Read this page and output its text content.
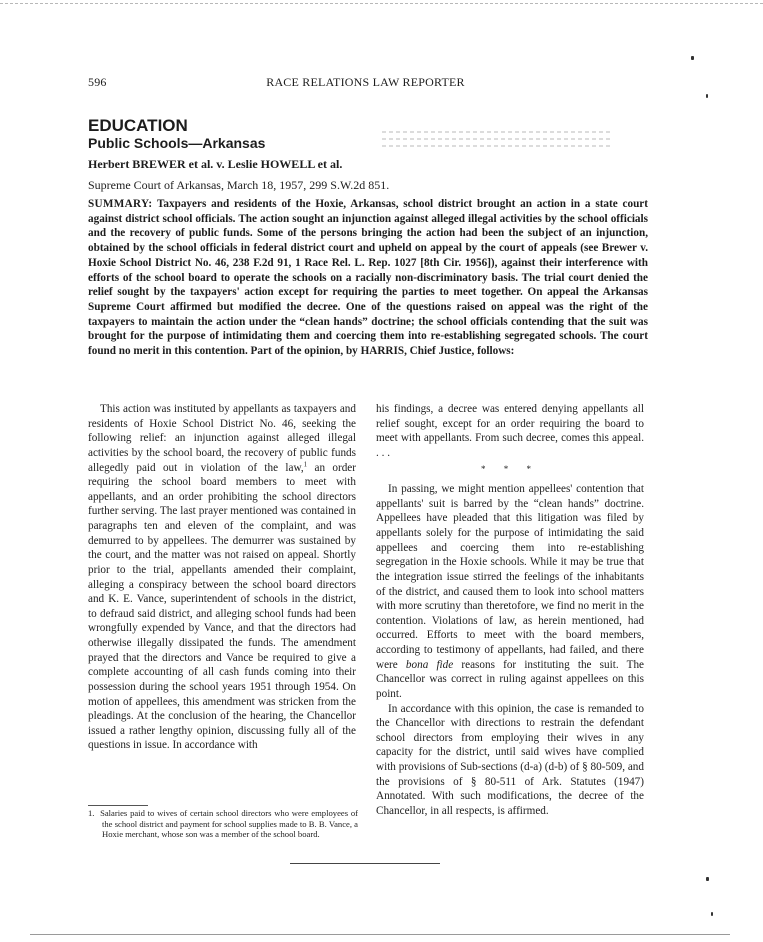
596	RACE RELATIONS LAW REPORTER
EDUCATION
Public Schools—Arkansas
Herbert BREWER et al. v. Leslie HOWELL et al.
Supreme Court of Arkansas, March 18, 1957, 299 S.W.2d 851.
SUMMARY: Taxpayers and residents of the Hoxie, Arkansas, school district brought an action in a state court against district school officials. The action sought an injunction against alleged illegal activities by the school officials and the recovery of public funds. Some of the persons bringing the action had been the subject of an injunction, obtained by the school officials in federal district court and upheld on appeal by the court of appeals (see Brewer v. Hoxie School District No. 46, 238 F.2d 91, 1 Race Rel. L. Rep. 1027 [8th Cir. 1956]), against their interference with efforts of the school board to operate the schools on a racially non-discriminatory basis. The trial court denied the relief sought by the taxpayers' action except for requiring the parties to meet together. On appeal the Arkansas Supreme Court affirmed but modified the decree. One of the questions raised on appeal was the right of the taxpayers to maintain the action under the “clean hands” doctrine; the school officials contending that the suit was brought for the purpose of intimidating them and coercing them into re-establishing segregated schools. The court found no merit in this contention. Part of the opinion, by HARRIS, Chief Justice, follows:

This action was instituted by appellants as taxpayers and residents of Hoxie School District No. 46, seeking the following relief: an injunction against alleged illegal activities by the school board, the recovery of public funds allegedly paid out in violation of the law,$^1$ an order requiring the school board members to meet with appellants, and an order prohibiting the school directors further serving. The last prayer mentioned was contained in paragraphs ten and eleven of the complaint, and was demurred to by appellees. The demurrer was sustained by the court, and the matter was not raised on appeal. Shortly prior to the trial, appellants amended their complaint, alleging a conspiracy between the school board directors and K. E. Vance, superintendent of schools in the district, to defraud said district, and alleging school funds had been wrongfully expended by Vance, and that the directors had otherwise illegally dissipated the funds. The amendment prayed that the directors and Vance be required to give a complete accounting of all cash funds coming into their possession during the school years 1951 through 1954. On motion of appellees, this amendment was stricken from the pleadings. At the conclusion of the hearing, the Chancellor issued a rather lengthy opinion, discussing fully all of the questions in issue. In accordance with

1. Salaries paid to wives of certain school directors who were employees of the school district and payment for school supplies made to B. B. Vance, a Hoxie merchant, whose son was a member of the school board.

his findings, a decree was entered denying appellants all relief sought, except for an order requiring the board to meet with appellants. From such decree, comes this appeal. . . .

* * *

In passing, we might mention appellees' contention that appellants' suit is barred by the “clean hands” doctrine. Appellees have pleaded that this litigation was filed by appellants solely for the purpose of intimidating the said appellees and coercing them into re-establishing segregation in the Hoxie schools. While it may be true that the integration issue stirred the feelings of the inhabitants of the district, and caused them to look into school matters with more scrutiny than theretofore, we find no merit in the contention. Violations of law, as herein mentioned, had occurred. Efforts to meet with the board members, according to testimony of appellants, had failed, and there were bona fide reasons for instituting the suit. The Chancellor was correct in ruling against appellees on this point.

In accordance with this opinion, the case is remanded to the Chancellor with directions to restrain the defendant school directors from employing their wives in any capacity for the district, until said wives have complied with provisions of Sub-sections (d-a) (d-b) of § 80-509, and the provisions of § 80-511 of Ark. Statutes (1947) Annotated. With such modifications, the decree of the Chancellor, in all respects, is affirmed.
